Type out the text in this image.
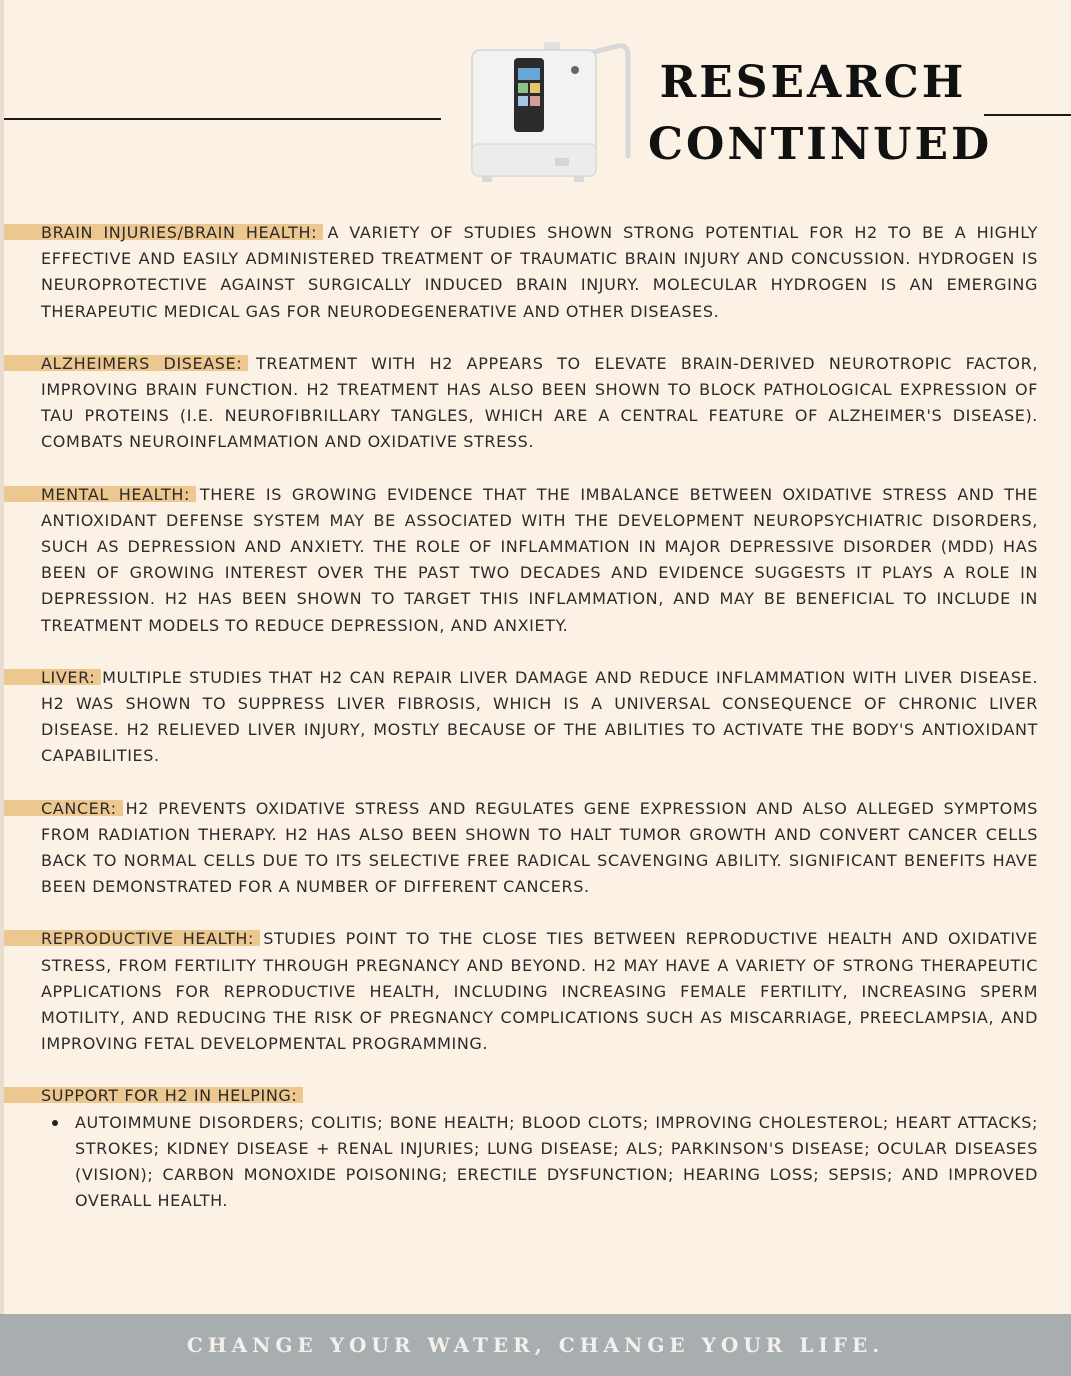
RESEARCH
CONTINUED

BRAIN INJURIES/BRAIN HEALTH: A VARIETY OF STUDIES SHOWN STRONG POTENTIAL FOR H2 TO BE A HIGHLY EFFECTIVE AND EASILY ADMINISTERED TREATMENT OF TRAUMATIC BRAIN INJURY AND CONCUSSION. HYDROGEN IS NEUROPROTECTIVE AGAINST SURGICALLY INDUCED BRAIN INJURY. MOLECULAR HYDROGEN IS AN EMERGING THERAPEUTIC MEDICAL GAS FOR NEURODEGENERATIVE AND OTHER DISEASES.

ALZHEIMERS DISEASE: TREATMENT WITH H2 APPEARS TO ELEVATE BRAIN-DERIVED NEUROTROPIC FACTOR, IMPROVING BRAIN FUNCTION. H2 TREATMENT HAS ALSO BEEN SHOWN TO BLOCK PATHOLOGICAL EXPRESSION OF TAU PROTEINS (I.E. NEUROFIBRILLARY TANGLES, WHICH ARE A CENTRAL FEATURE OF ALZHEIMER'S DISEASE). COMBATS NEUROINFLAMMATION AND OXIDATIVE STRESS.

MENTAL HEALTH: THERE IS GROWING EVIDENCE THAT THE IMBALANCE BETWEEN OXIDATIVE STRESS AND THE ANTIOXIDANT DEFENSE SYSTEM MAY BE ASSOCIATED WITH THE DEVELOPMENT NEUROPSYCHIATRIC DISORDERS, SUCH AS DEPRESSION AND ANXIETY. THE ROLE OF INFLAMMATION IN MAJOR DEPRESSIVE DISORDER (MDD) HAS BEEN OF GROWING INTEREST OVER THE PAST TWO DECADES AND EVIDENCE SUGGESTS IT PLAYS A ROLE IN DEPRESSION. H2 HAS BEEN SHOWN TO TARGET THIS INFLAMMATION, AND MAY BE BENEFICIAL TO INCLUDE IN TREATMENT MODELS TO REDUCE DEPRESSION, AND ANXIETY.

LIVER: MULTIPLE STUDIES THAT H2 CAN REPAIR LIVER DAMAGE AND REDUCE INFLAMMATION WITH LIVER DISEASE. H2 WAS SHOWN TO SUPPRESS LIVER FIBROSIS, WHICH IS A UNIVERSAL CONSEQUENCE OF CHRONIC LIVER DISEASE. H2 RELIEVED LIVER INJURY, MOSTLY BECAUSE OF THE ABILITIES TO ACTIVATE THE BODY'S ANTIOXIDANT CAPABILITIES.

CANCER: H2 PREVENTS OXIDATIVE STRESS AND REGULATES GENE EXPRESSION AND ALSO ALLEGED SYMPTOMS FROM RADIATION THERAPY. H2 HAS ALSO BEEN SHOWN TO HALT TUMOR GROWTH AND CONVERT CANCER CELLS BACK TO NORMAL CELLS DUE TO ITS SELECTIVE FREE RADICAL SCAVENGING ABILITY. SIGNIFICANT BENEFITS HAVE BEEN DEMONSTRATED FOR A NUMBER OF DIFFERENT CANCERS.

REPRODUCTIVE HEALTH: STUDIES POINT TO THE CLOSE TIES BETWEEN REPRODUCTIVE HEALTH AND OXIDATIVE STRESS, FROM FERTILITY THROUGH PREGNANCY AND BEYOND. H2 MAY HAVE A VARIETY OF STRONG THERAPEUTIC APPLICATIONS FOR REPRODUCTIVE HEALTH, INCLUDING INCREASING FEMALE FERTILITY, INCREASING SPERM MOTILITY, AND REDUCING THE RISK OF PREGNANCY COMPLICATIONS SUCH AS MISCARRIAGE, PREECLAMPSIA, AND IMPROVING FETAL DEVELOPMENTAL PROGRAMMING.

SUPPORT FOR H2 IN HELPING:

AUTOIMMUNE DISORDERS; COLITIS; BONE HEALTH; BLOOD CLOTS; IMPROVING CHOLESTEROL; HEART ATTACKS; STROKES; KIDNEY DISEASE + RENAL INJURIES; LUNG DISEASE; ALS; PARKINSON'S DISEASE; OCULAR DISEASES (VISION); CARBON MONOXIDE POISONING; ERECTILE DYSFUNCTION; HEARING LOSS; SEPSIS; AND IMPROVED OVERALL HEALTH.
CHANGE YOUR WATER, CHANGE YOUR LIFE.
